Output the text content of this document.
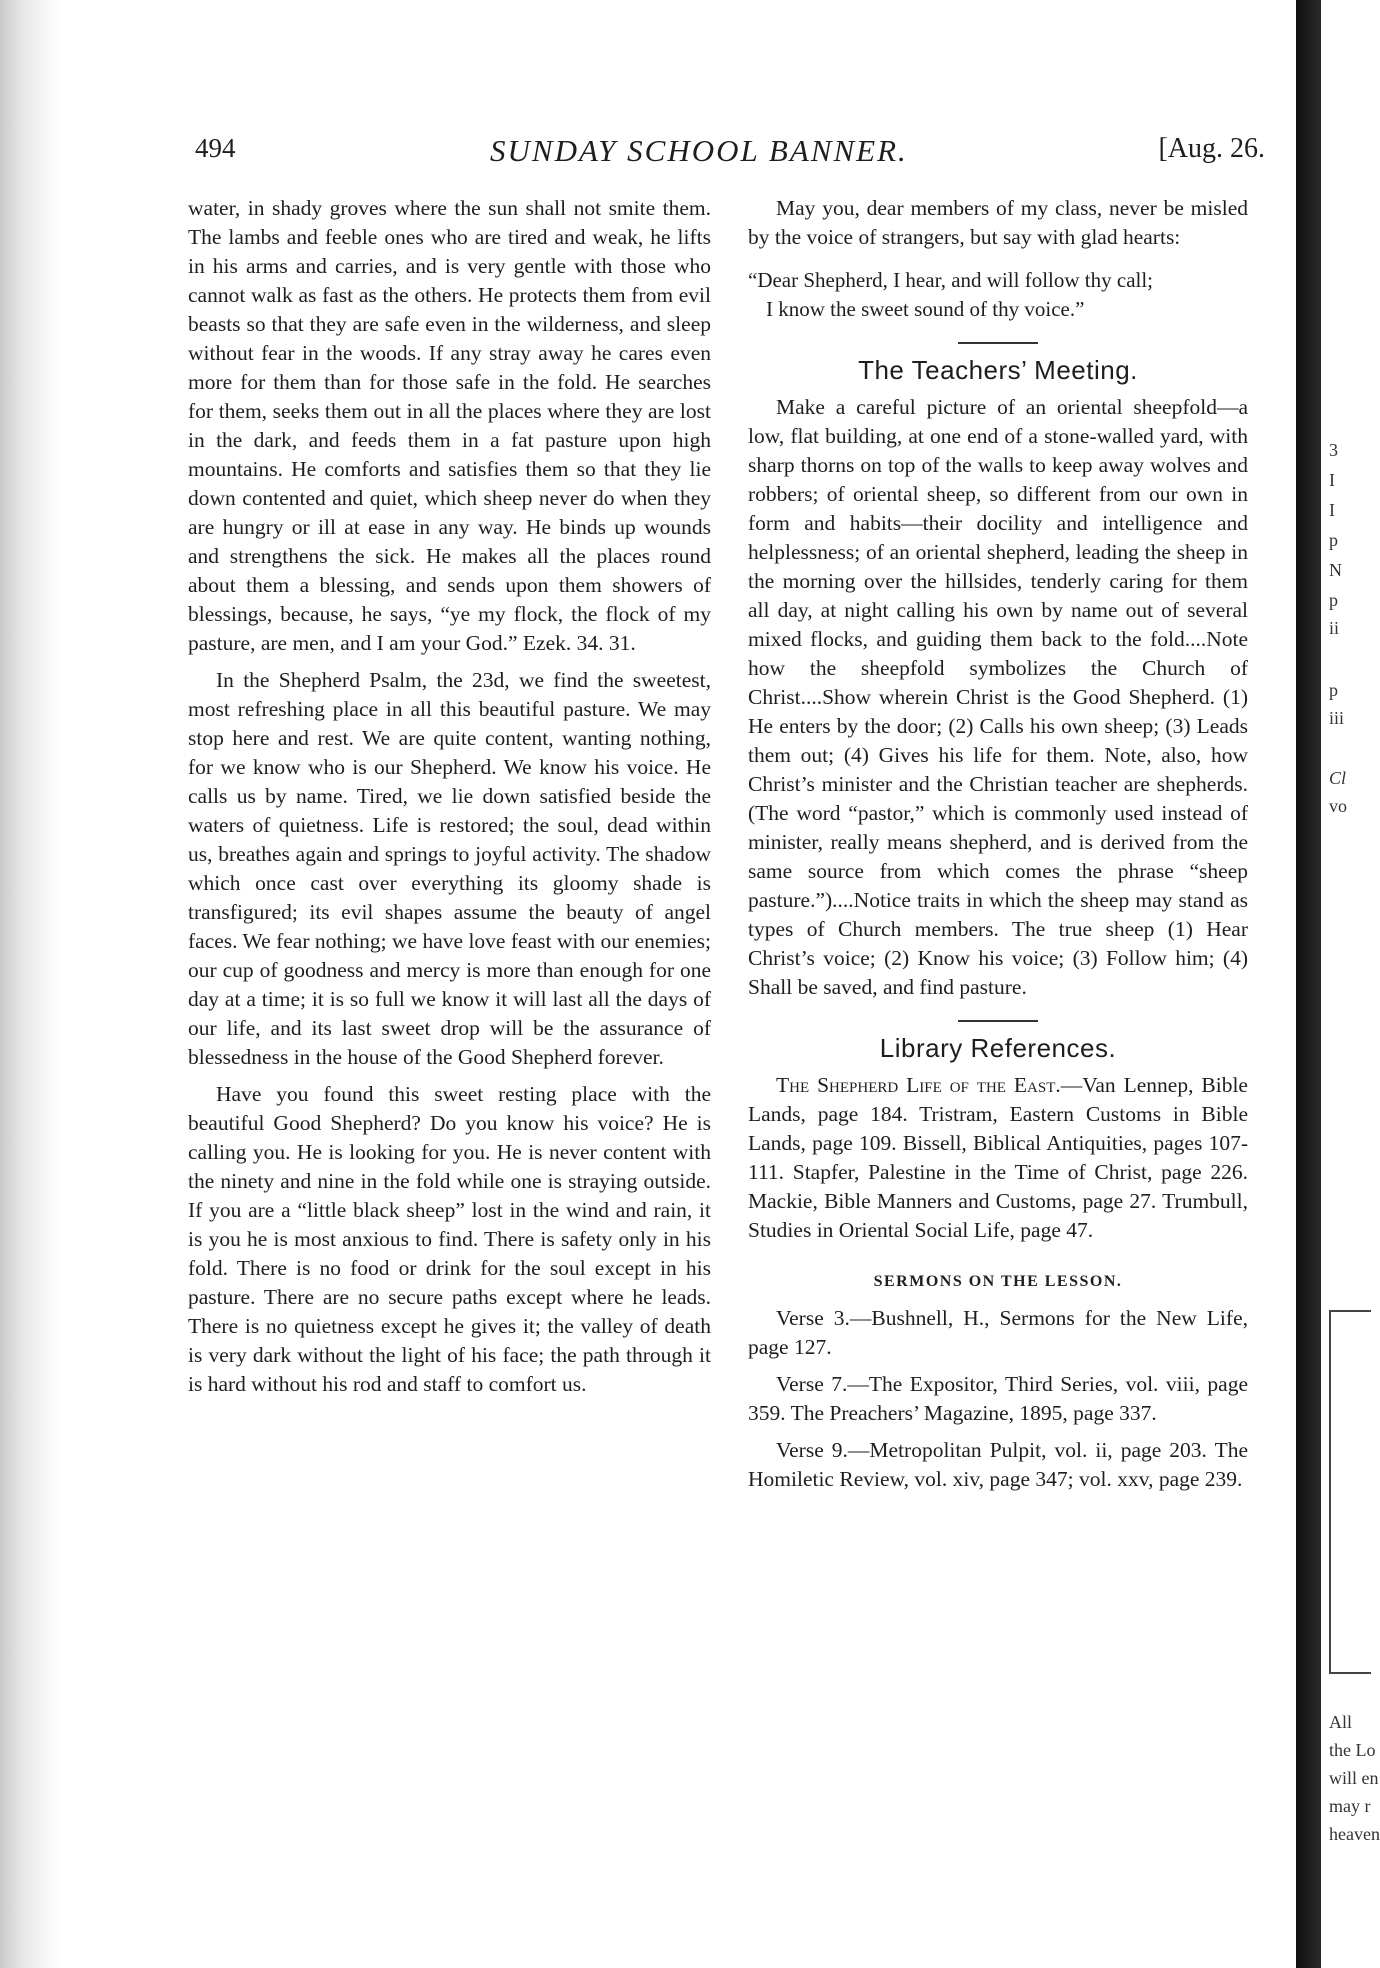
3
I
I
p
N
p
ii
p
iii
Cl
vo
All
the Lo
will en
may r
heaven
494	SUNDAY SCHOOL BANNER.	[Aug. 26.

water, in shady groves where the sun shall not smite them. The lambs and feeble ones who are tired and weak, he lifts in his arms and carries, and is very gentle with those who cannot walk as fast as the others. He protects them from evil beasts so that they are safe even in the wilderness, and sleep without fear in the woods. If any stray away he cares even more for them than for those safe in the fold. He searches for them, seeks them out in all the places where they are lost in the dark, and feeds them in a fat pasture upon high mountains. He comforts and satisfies them so that they lie down contented and quiet, which sheep never do when they are hungry or ill at ease in any way. He binds up wounds and strengthens the sick. He makes all the places round about them a blessing, and sends upon them showers of blessings, because, he says, “ye my flock, the flock of my pasture, are men, and I am your God.” Ezek. 34. 31.

In the Shepherd Psalm, the 23d, we find the sweetest, most refreshing place in all this beautiful pasture. We may stop here and rest. We are quite content, wanting nothing, for we know who is our Shepherd. We know his voice. He calls us by name. Tired, we lie down satisfied beside the waters of quietness. Life is restored; the soul, dead within us, breathes again and springs to joyful activity. The shadow which once cast over everything its gloomy shade is transfigured; its evil shapes assume the beauty of angel faces. We fear nothing; we have love feast with our enemies; our cup of goodness and mercy is more than enough for one day at a time; it is so full we know it will last all the days of our life, and its last sweet drop will be the assurance of blessedness in the house of the Good Shepherd forever.

Have you found this sweet resting place with the beautiful Good Shepherd? Do you know his voice? He is calling you. He is looking for you. He is never content with the ninety and nine in the fold while one is straying outside. If you are a “little black sheep” lost in the wind and rain, it is you he is most anxious to find. There is safety only in his fold. There is no food or drink for the soul except in his pasture. There are no secure paths except where he leads. There is no quietness except he gives it; the valley of death is very dark without the light of his face; the path through it is hard without his rod and staff to comfort us.

May you, dear members of my class, never be misled by the voice of strangers, but say with glad hearts:

“Dear Shepherd, I hear, and will follow thy call;
I know the sweet sound of thy voice.”
The Teachers’ Meeting.

Make a careful picture of an oriental sheepfold—a low, flat building, at one end of a stone-walled yard, with sharp thorns on top of the walls to keep away wolves and robbers; of oriental sheep, so different from our own in form and habits—their docility and intelligence and helplessness; of an oriental shepherd, leading the sheep in the morning over the hillsides, tenderly caring for them all day, at night calling his own by name out of several mixed flocks, and guiding them back to the fold....Note how the sheepfold symbolizes the Church of Christ....Show wherein Christ is the Good Shepherd. (1) He enters by the door; (2) Calls his own sheep; (3) Leads them out; (4) Gives his life for them. Note, also, how Christ’s minister and the Christian teacher are shepherds. (The word “pastor,” which is commonly used instead of minister, really means shepherd, and is derived from the same source from which comes the phrase “sheep pasture.”)....Notice traits in which the sheep may stand as types of Church members. The true sheep (1) Hear Christ’s voice; (2) Know his voice; (3) Follow him; (4) Shall be saved, and find pasture.

Library References.

The Shepherd Life of the East.—Van Lennep, Bible Lands, page 184. Tristram, Eastern Customs in Bible Lands, page 109. Bissell, Biblical Antiquities, pages 107-111. Stapfer, Palestine in the Time of Christ, page 226. Mackie, Bible Manners and Customs, page 27. Trumbull, Studies in Oriental Social Life, page 47.

SERMONS ON THE LESSON.

Verse 3.—Bushnell, H., Sermons for the New Life, page 127.

Verse 7.—The Expositor, Third Series, vol. viii, page 359. The Preachers’ Magazine, 1895, page 337.

Verse 9.—Metropolitan Pulpit, vol. ii, page 203. The Homiletic Review, vol. xiv, page 347; vol. xxv, page 239.
